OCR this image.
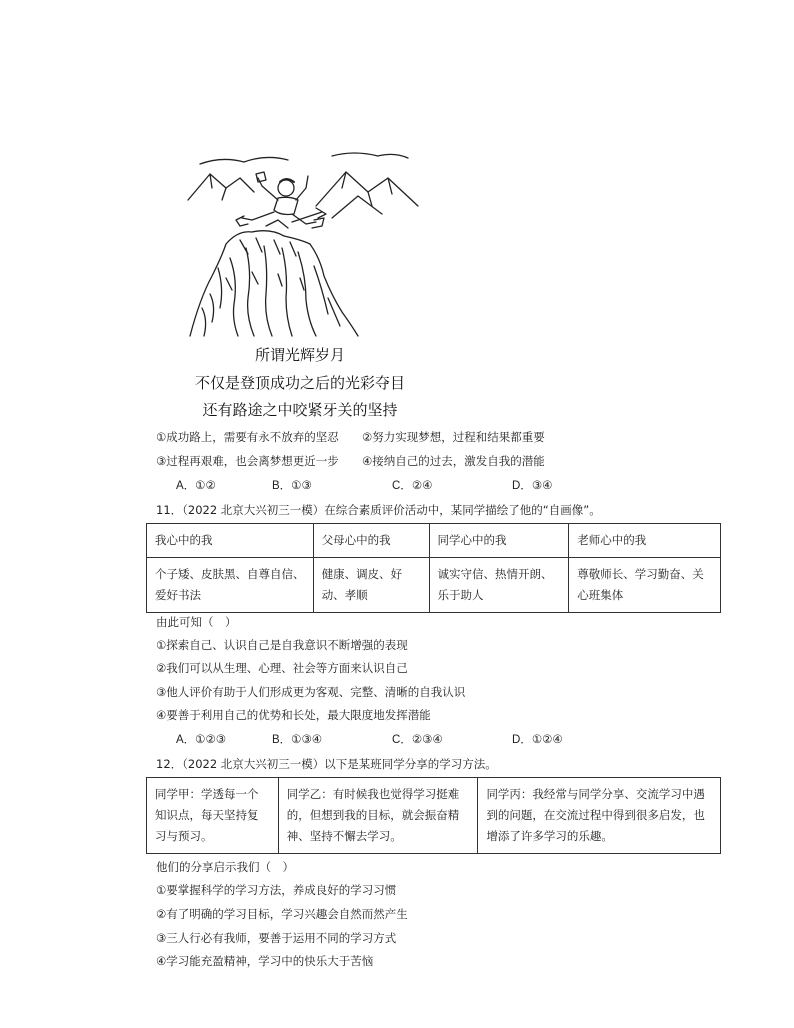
所谓光辉岁月
不仅是登顶成功之后的光彩夺目
还有路途之中咬紧牙关的坚持
①成功路上，需要有永不放弃的坚忍 ②努力实现梦想，过程和结果都重要
③过程再艰难，也会离梦想更近一步 ④接纳自己的过去，激发自我的潜能
A．①②	B．①③	C．②④	D．③④
11．（2022 北京大兴初三一模）在综合素质评价活动中，某同学描绘了他的“自画像”。
我心中的我	父母心中的我	同学心中的我	老师心中的我
个子矮、皮肤黑、自尊自信、爱好书法	健康、调皮、好动、孝顺	诚实守信、热情开朗、乐于助人	尊敬师长、学习勤奋、关心班集体
由此可知（　）
①探索自己、认识自己是自我意识不断增强的表现
②我们可以从生理、心理、社会等方面来认识自己
③他人评价有助于人们形成更为客观、完整、清晰的自我认识
④要善于利用自己的优势和长处，最大限度地发挥潜能
A．①②③	B．①③④	C．②③④	D．①②④
12．（2022 北京大兴初三一模）以下是某班同学分享的学习方法。
同学甲：学透每一个知识点，每天坚持复习与预习。	同学乙：有时候我也觉得学习挺难的，但想到我的目标，就会振奋精神、坚持不懈去学习。	同学丙：我经常与同学分享、交流学习中遇到的问题，在交流过程中得到很多启发，也增添了许多学习的乐趣。
他们的分享启示我们（　）
①要掌握科学的学习方法，养成良好的学习习惯
②有了明确的学习目标，学习兴趣会自然而然产生
③三人行必有我师，要善于运用不同的学习方式
④学习能充盈精神，学习中的快乐大于苦恼
